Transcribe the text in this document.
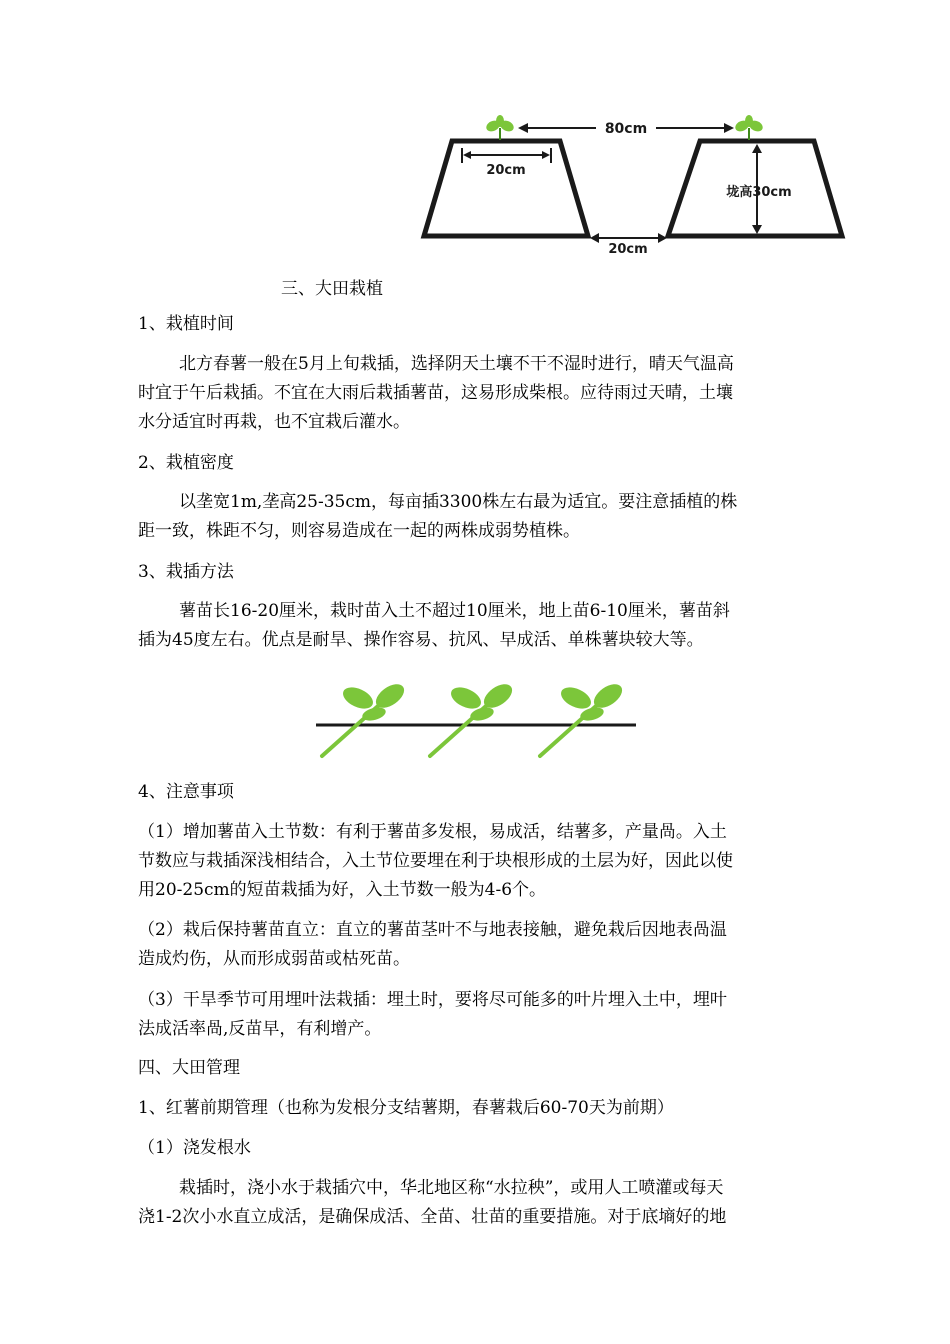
80cm
20cm
垅高30cm
20cm
三、大田栽植
1、栽植时间
北方春薯一般在5月上旬栽插，选择阴天土壤不干不湿时进行，晴天气温高
时宜于午后栽插。不宜在大雨后栽插薯苗，这易形成柴根。应待雨过天晴，土壤
水分适宜时再栽，也不宜栽后灌水。
2、栽植密度
以垄宽1m,垄高25-35cm，每亩插3300株左右最为适宜。要注意插植的株
距一致，株距不匀，则容易造成在一起的两株成弱势植株。
3、栽插方法
薯苗长16-20厘米，栽时苗入土不超过10厘米，地上苗6-10厘米，薯苗斜
插为45度左右。优点是耐旱、操作容易、抗风、早成活、单株薯块较大等。
4、注意事项
（1）增加薯苗入土节数：有利于薯苗多发根，易成活，结薯多，产量咼。入土
节数应与栽插深浅相结合，入土节位要埋在利于块根形成的土层为好，因此以使
用20-25cm的短苗栽插为好，入土节数一般为4-6个。
（2）栽后保持薯苗直立：直立的薯苗茎叶不与地表接触，避免栽后因地表咼温
造成灼伤，从而形成弱苗或枯死苗。
（3）干旱季节可用埋叶法栽插：埋土时，要将尽可能多的叶片埋入土中，埋叶
法成活率咼,反苗早，有利增产。
四、大田管理
1、红薯前期管理（也称为发根分支结薯期，春薯栽后60-70天为前期）
（1）浇发根水
栽插时，浇小水于栽插穴中，华北地区称“水拉秧”，或用人工喷灌或每天
浇1-2次小水直立成活，是确保成活、全苗、壮苗的重要措施。对于底墒好的地
